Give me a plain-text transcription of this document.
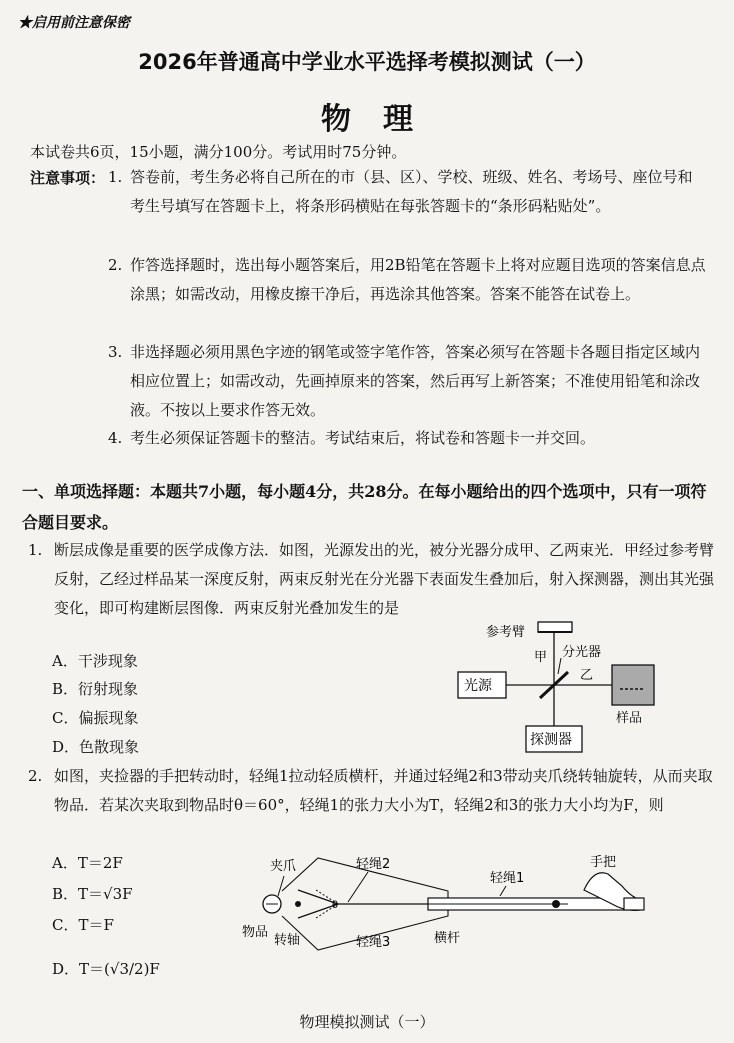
★启用前注意保密
2026年普通高中学业水平选择考模拟测试（一）
物理
本试卷共6页，15小题，满分100分。考试用时75分钟。
注意事项： 1. 答卷前，考生务必将自己所在的市（县、区）、学校、班级、姓名、考场号、座位号和考生号填写在答题卡上，将条形码横贴在每张答题卡的“条形码粘贴处”。
2. 作答选择题时，选出每小题答案后，用2B铅笔在答题卡上将对应题目选项的答案信息点涂黑；如需改动，用橡皮擦干净后，再选涂其他答案。答案不能答在试卷上。
3. 非选择题必须用黑色字迹的钢笔或签字笔作答，答案必须写在答题卡各题目指定区域内相应位置上；如需改动，先画掉原来的答案，然后再写上新答案；不准使用铅笔和涂改液。不按以上要求作答无效。
4. 考生必须保证答题卡的整洁。考试结束后，将试卷和答题卡一并交回。
一、单项选择题：本题共7小题，每小题4分，共28分。在每小题给出的四个选项中，只有一项符合题目要求。
1. 断层成像是重要的医学成像方法．如图，光源发出的光，被分光器分成甲、乙两束光．甲经过参考臂反射，乙经过样品某一深度反射，两束反射光在分光器下表面发生叠加后，射入探测器，测出其光强变化，即可构建断层图像．两束反射光叠加发生的是
A．干涉现象
B．衍射现象
C．偏振现象
D．色散现象
参考臂
甲 分光器
光源
乙
样品
探测器
2. 如图，夹捡器的手把转动时，轻绳1拉动轻质横杆，并通过轻绳2和3带动夹爪绕转轴旋转，从而夹取物品．若某次夹取到物品时θ＝60°，轻绳1的张力大小为T，轻绳2和3的张力大小均为F，则
A．T＝2F
B．T＝√3F
C．T＝F
D．T＝(√3/2)F
夹爪	轻绳2
轻绳1
手把
θ
物品
转轴	轻绳3	横杆
物理模拟测试（一）
